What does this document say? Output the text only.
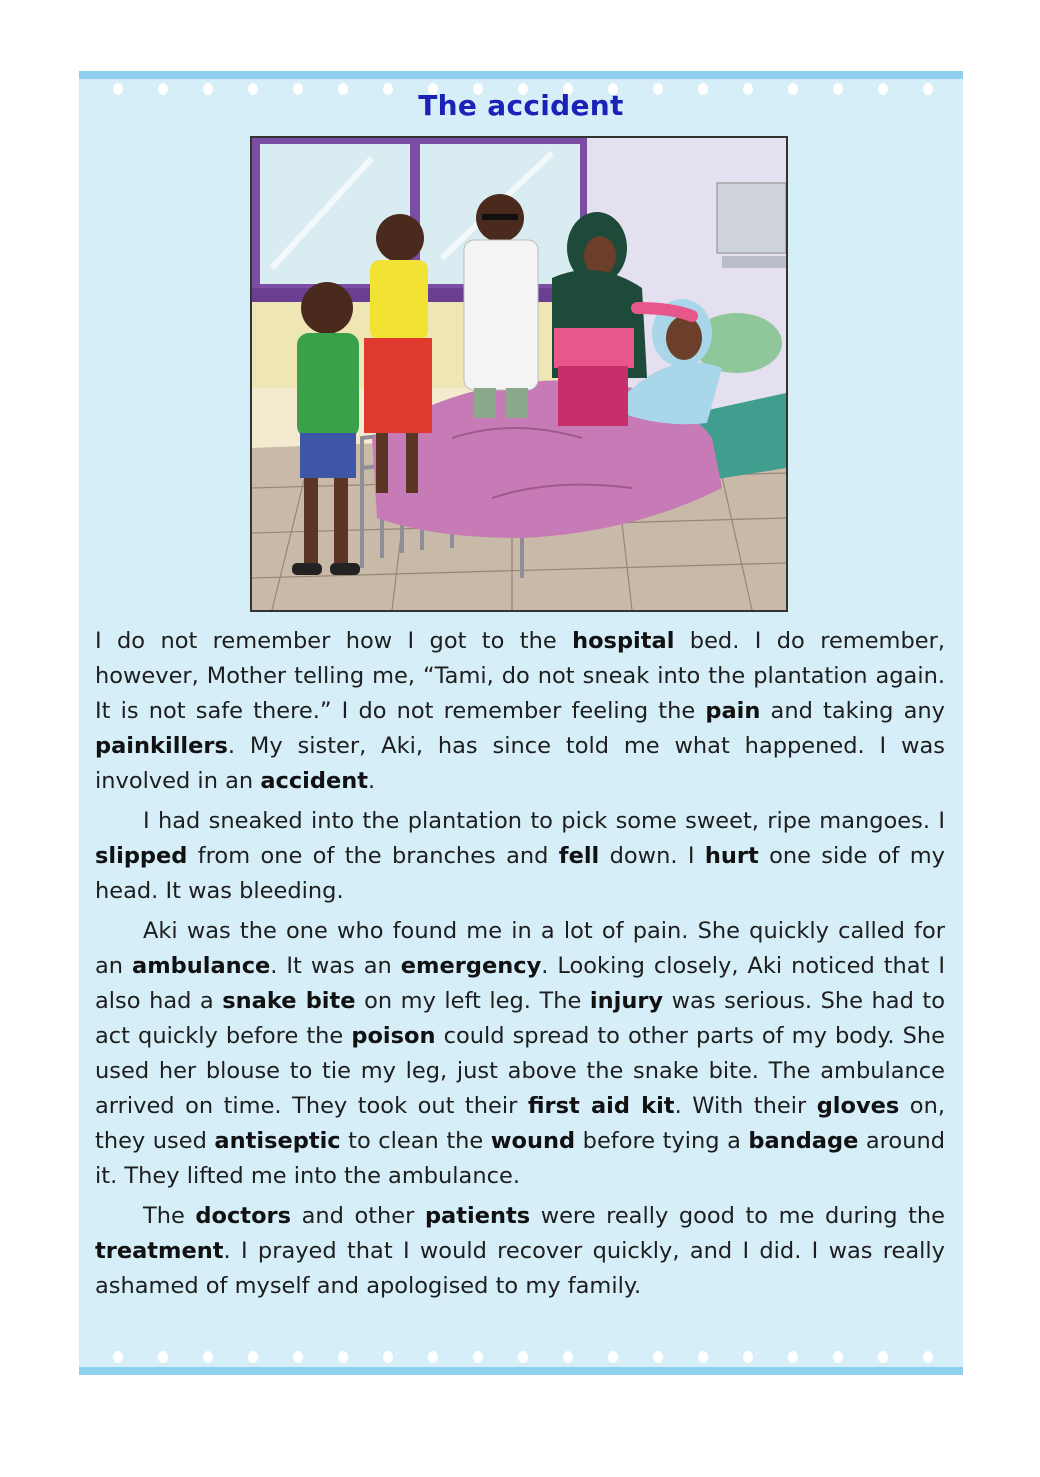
The accident

I do not remember how I got to the hospital bed. I do remember, however, Mother telling me, “Tami, do not sneak into the plantation again. It is not safe there.” I do not remember feeling the pain and taking any painkillers. My sister, Aki, has since told me what happened. I was involved in an accident.

I had sneaked into the plantation to pick some sweet, ripe mangoes. I slipped from one of the branches and fell down. I hurt one side of my head. It was bleeding.

Aki was the one who found me in a lot of pain. She quickly called for an ambulance. It was an emergency. Looking closely, Aki noticed that I also had a snake bite on my left leg. The injury was serious. She had to act quickly before the poison could spread to other parts of my body. She used her blouse to tie my leg, just above the snake bite. The ambulance arrived on time. They took out their first aid kit. With their gloves on, they used antiseptic to clean the wound before tying a bandage around it. They lifted me into the ambulance.

The doctors and other patients were really good to me during the treatment. I prayed that I would recover quickly, and I did. I was really ashamed of myself and apologised to my family.
